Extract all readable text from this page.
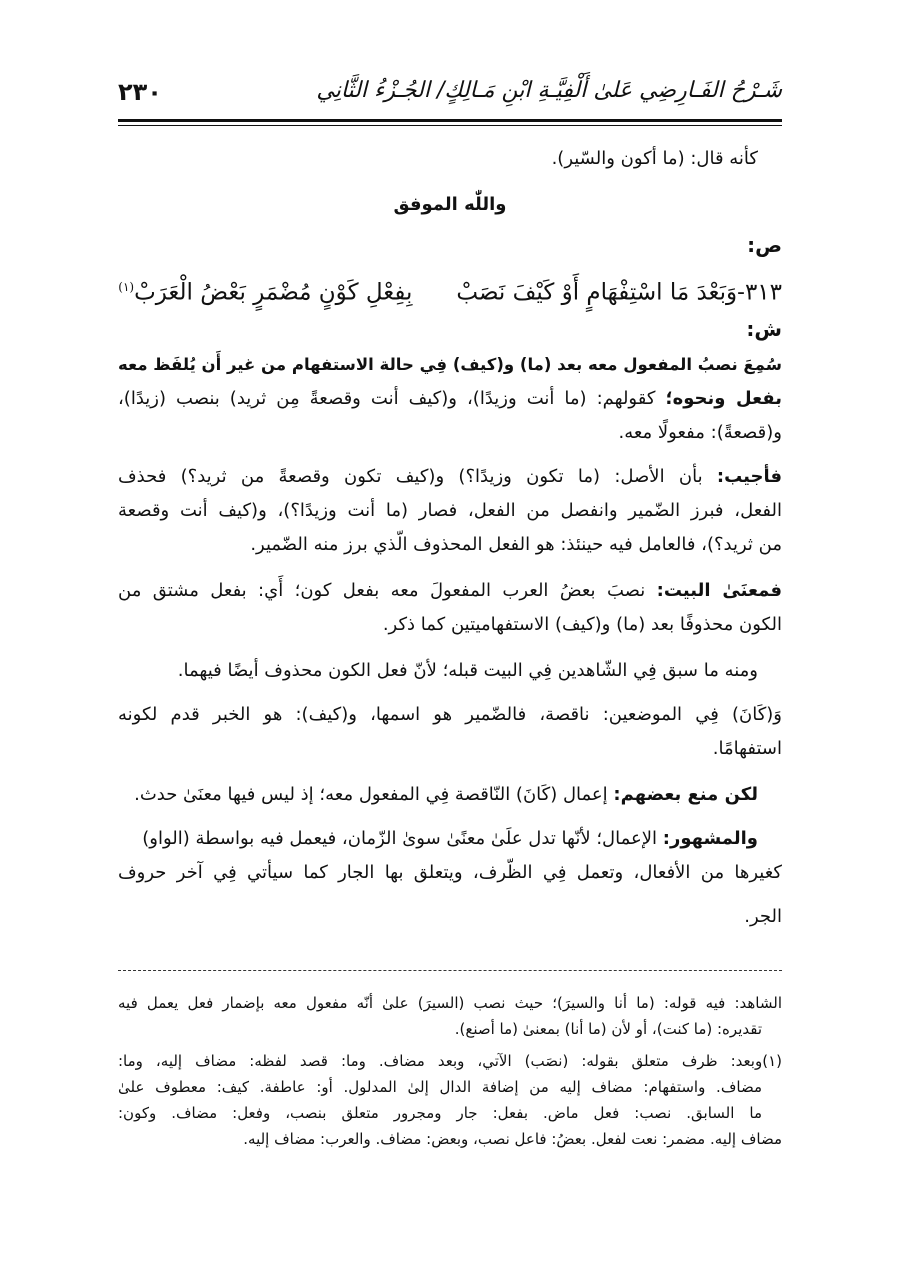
شَـرْحُ الفَـارِضِي عَلىٰ أَلْفِيَّـةِ ابْنِ مَـالِكٍ/ الجُـزْءُ الثَّانِي
٢٣٠
كأنه قال: (ما أكون والسّير).
واللّٰه الموفق
ص:
٣١٣-وَبَعْدَ مَا اسْتِفْهَامٍ أَوْ كَيْفَ نَصَبْبِفِعْلِ كَوْنٍ مُضْمَرٍ بَعْضُ الْعَرَبْ$^{(١)}$
ش:
سُمِعَ نصبُ المفعول معه بعد (ما) و(كيف) فِي حالة الاستفهام من غير أَن يُلفَظ معه
بفعل ونحوه؛ كقولهم: (ما أنت وزيدًا)، و(كيف أنت وقصعةً مِن ثريد) بنصب (زيدًا)،
و(قصعةً): مفعولًا معه.
فأجيب: بأن الأصل: (ما تكون وزيدًا؟) و(كيف تكون وقصعةً من ثريد؟) فحذف
الفعل، فبرز الضّمير وانفصل من الفعل، فصار (ما أنت وزيدًا؟)، و(كيف أنت وقصعة
من ثريد؟)، فالعامل فيه حينئذ: هو الفعل المحذوف الّذي برز منه الضّمير.
فمعنَىٰ البيت: نصبَ بعضُ العرب المفعولَ معه بفعل كون؛ أَي: بفعل مشتق من
الكون محذوفًا بعد (ما) و(كيف) الاستفهاميتين كما ذكر.
ومنه ما سبق فِي الشّاهدين فِي البيت قبله؛ لأنّ فعل الكون محذوف أيضًا فيهما.
وَ(كَانَ) فِي الموضعين: ناقصة، فالضّمير هو اسمها، و(كيف): هو الخبر قدم لكونه
استفهامًا.
لكن منع بعضهم: إعمال (كَانَ) النّاقصة فِي المفعول معه؛ إذ ليس فيها معنَىٰ حدث.
والمشهور: الإعمال؛ لأنّها تدل علَىٰ معنًىٰ سوىٰ الزّمان، فيعمل فيه بواسطة (الواو)
كغيرها من الأفعال، وتعمل فِي الظّرف، ويتعلق بها الجار كما سيأتي فِي آخر حروف
الجر.
الشاهد: فيه قوله: (ما أنا والسيرَ)؛ حيث نصب (السيرَ) علىٰ أنّه مفعول معه بإضمار فعل يعمل فيه
تقديره: (ما كنت)، أو لأن (ما أنا) بمعنىٰ (ما أصنع).
(١)وبعد: ظرف متعلق بقوله: (نصَب) الآتي، وبعد مضاف. وما: قصد لفظه: مضاف إليه، وما:
مضاف. واستفهام: مضاف إليه من إضافة الدال إلىٰ المدلول. أو: عاطفة. كيف: معطوف علىٰ
ما السابق. نصب: فعل ماض. بفعل: جار ومجرور متعلق بنصب، وفعل: مضاف. وكون:
مضاف إليه. مضمر: نعت لفعل. بعضُ: فاعل نصب، وبعض: مضاف. والعرب: مضاف إليه.
